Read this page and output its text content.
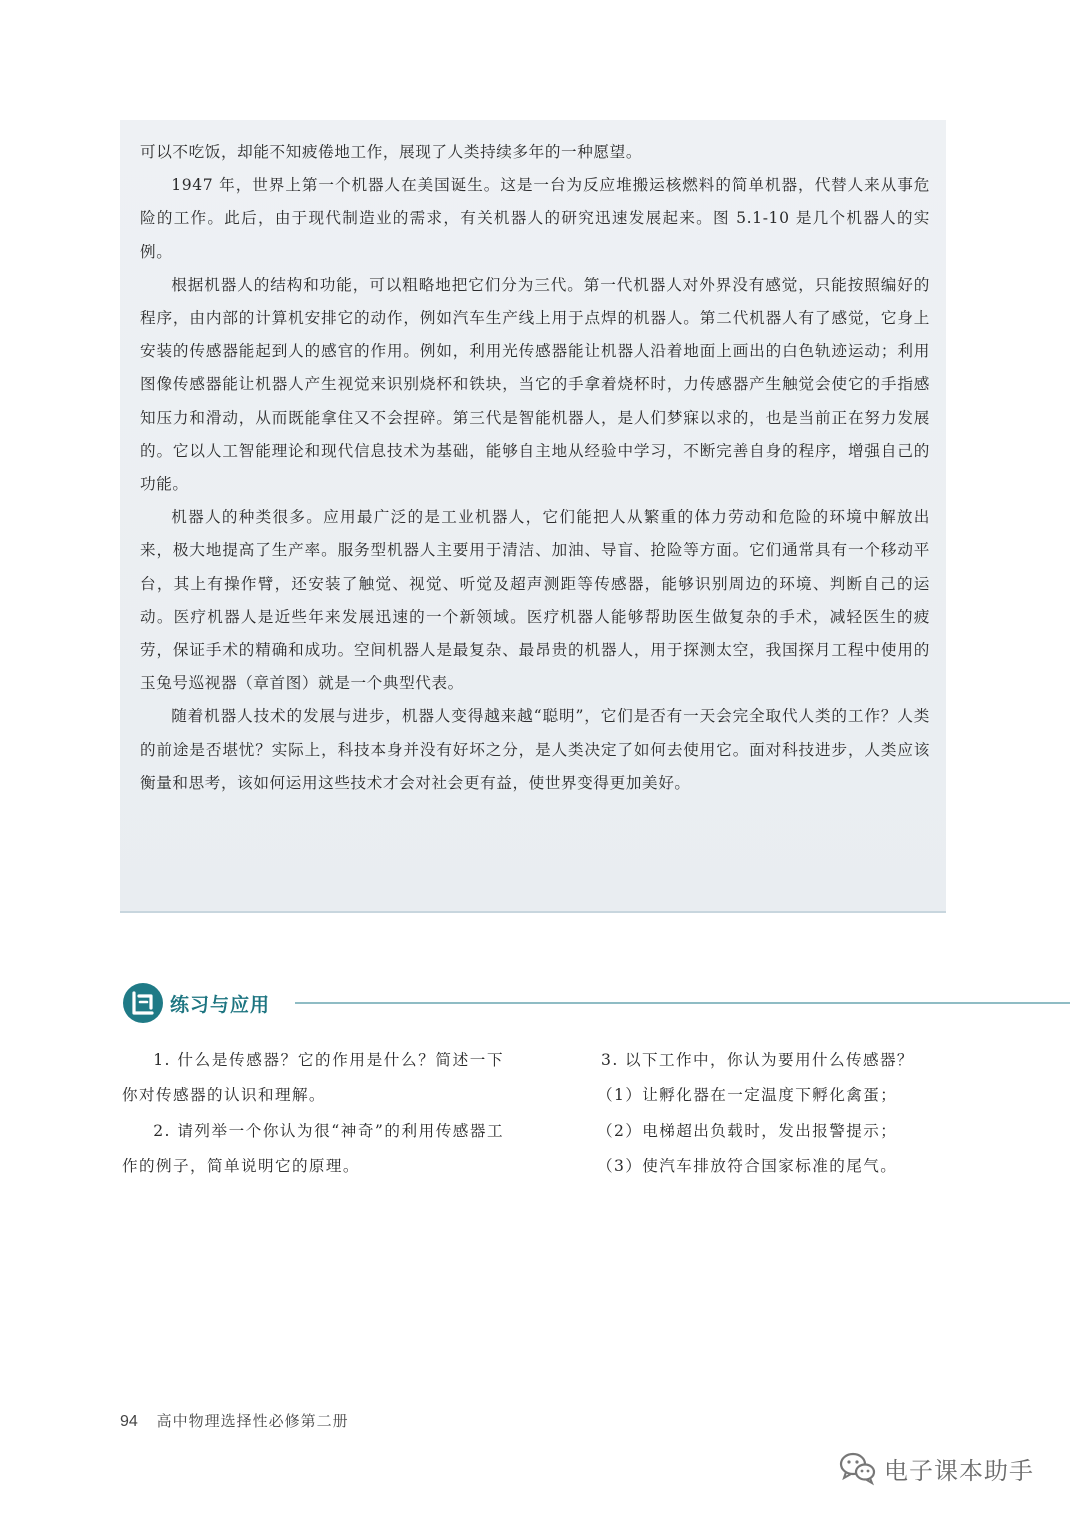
可以不吃饭，却能不知疲倦地工作，展现了人类持续多年的一种愿望。

1947 年，世界上第一个机器人在美国诞生。这是一台为反应堆搬运核燃料的简单机器，代替人来从事危险的工作。此后，由于现代制造业的需求，有关机器人的研究迅速发展起来。图 5.1-10 是几个机器人的实例。

根据机器人的结构和功能，可以粗略地把它们分为三代。第一代机器人对外界没有感觉，只能按照编好的程序，由内部的计算机安排它的动作，例如汽车生产线上用于点焊的机器人。第二代机器人有了感觉，它身上安装的传感器能起到人的感官的作用。例如，利用光传感器能让机器人沿着地面上画出的白色轨迹运动；利用图像传感器能让机器人产生视觉来识别烧杯和铁块，当它的手拿着烧杯时，力传感器产生触觉会使它的手指感知压力和滑动，从而既能拿住又不会捏碎。第三代是智能机器人，是人们梦寐以求的，也是当前正在努力发展的。它以人工智能理论和现代信息技术为基础，能够自主地从经验中学习，不断完善自身的程序，增强自己的功能。

机器人的种类很多。应用最广泛的是工业机器人，它们能把人从繁重的体力劳动和危险的环境中解放出来，极大地提高了生产率。服务型机器人主要用于清洁、加油、导盲、抢险等方面。它们通常具有一个移动平台，其上有操作臂，还安装了触觉、视觉、听觉及超声测距等传感器，能够识别周边的环境、判断自己的运动。医疗机器人是近些年来发展迅速的一个新领域。医疗机器人能够帮助医生做复杂的手术，减轻医生的疲劳，保证手术的精确和成功。空间机器人是最复杂、最昂贵的机器人，用于探测太空，我国探月工程中使用的玉兔号巡视器（章首图）就是一个典型代表。

随着机器人技术的发展与进步，机器人变得越来越“聪明”，它们是否有一天会完全取代人类的工作？人类的前途是否堪忧？实际上，科技本身并没有好坏之分，是人类决定了如何去使用它。面对科技进步，人类应该衡量和思考，该如何运用这些技术才会对社会更有益，使世界变得更加美好。

练习与应用

1. 什么是传感器？它的作用是什么？简述一下你对传感器的认识和理解。

2. 请列举一个你认为很“神奇”的利用传感器工作的例子，简单说明它的原理。

3. 以下工作中，你认为要用什么传感器？

（1）让孵化器在一定温度下孵化禽蛋；

（2）电梯超出负载时，发出报警提示；

（3）使汽车排放符合国家标准的尾气。

94 高中物理选择性必修第二册
电子课本助手
